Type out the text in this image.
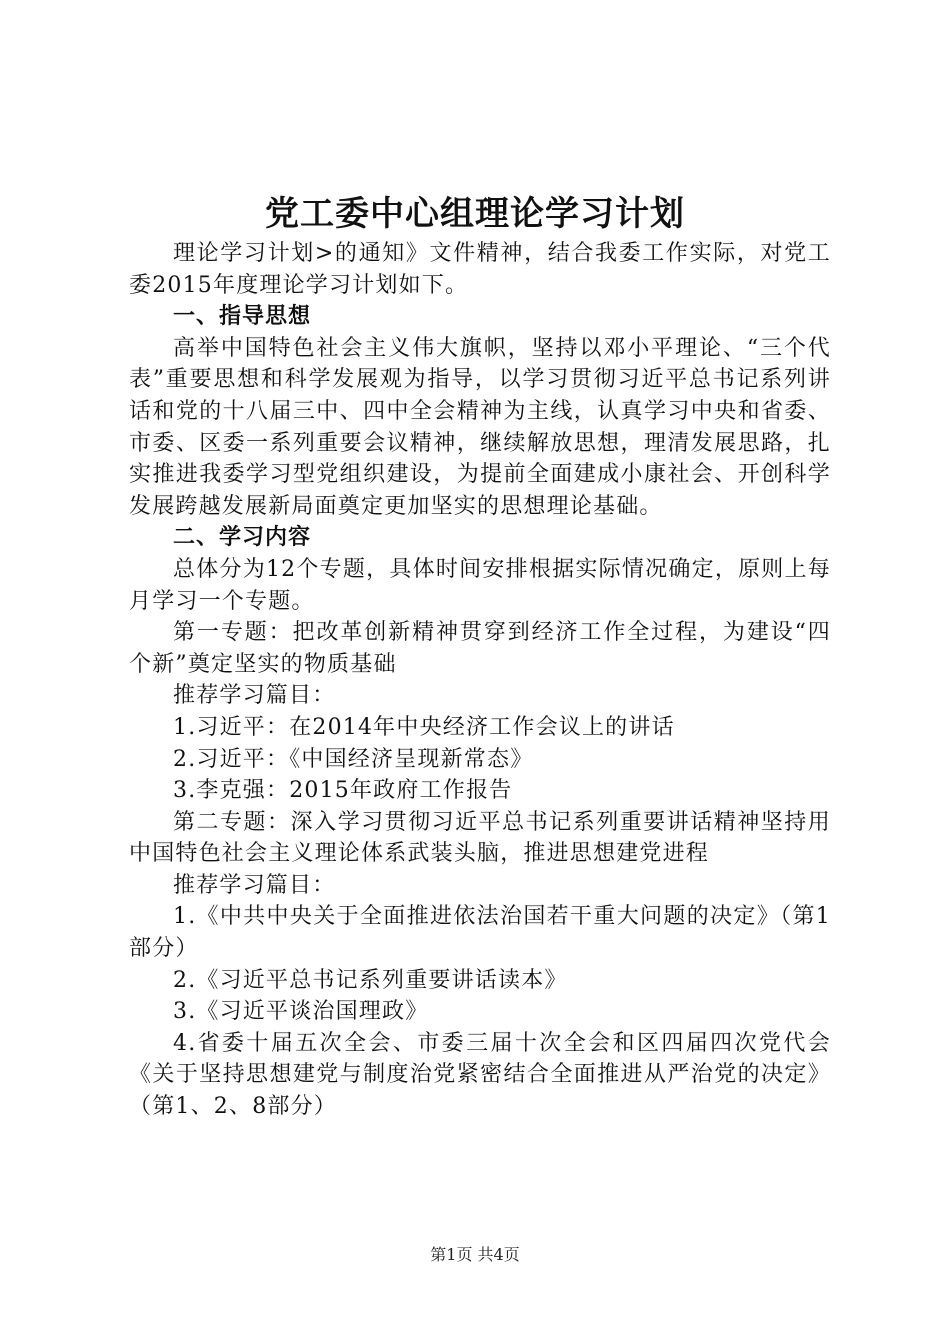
党工委中心组理论学习计划

理论学习计划>的通知》文件精神，结合我委工作实际，对党工委2015年度理论学习计划如下。

一、指导思想

高举中国特色社会主义伟大旗帜，坚持以邓小平理论、“三个代表”重要思想和科学发展观为指导，以学习贯彻习近平总书记系列讲话和党的十八届三中、四中全会精神为主线，认真学习中央和省委、市委、区委一系列重要会议精神，继续解放思想，理清发展思路，扎实推进我委学习型党组织建设，为提前全面建成小康社会、开创科学发展跨越发展新局面奠定更加坚实的思想理论基础。

二、学习内容

总体分为12个专题，具体时间安排根据实际情况确定，原则上每月学习一个专题。

第一专题：把改革创新精神贯穿到经济工作全过程，为建设“四个新”奠定坚实的物质基础

推荐学习篇目：

1.习近平：在2014年中央经济工作会议上的讲话

2.习近平：《中国经济呈现新常态》

3.李克强：2015年政府工作报告

第二专题：深入学习贯彻习近平总书记系列重要讲话精神坚持用中国特色社会主义理论体系武装头脑，推进思想建党进程

推荐学习篇目：

1.《中共中央关于全面推进依法治国若干重大问题的决定》（第1部分）

2.《习近平总书记系列重要讲话读本》

3.《习近平谈治国理政》

4.省委十届五次全会、市委三届十次全会和区四届四次党代会《关于坚持思想建党与制度治党紧密结合全面推进从严治党的决定》（第1、2、8部分）

第1页 共4页
